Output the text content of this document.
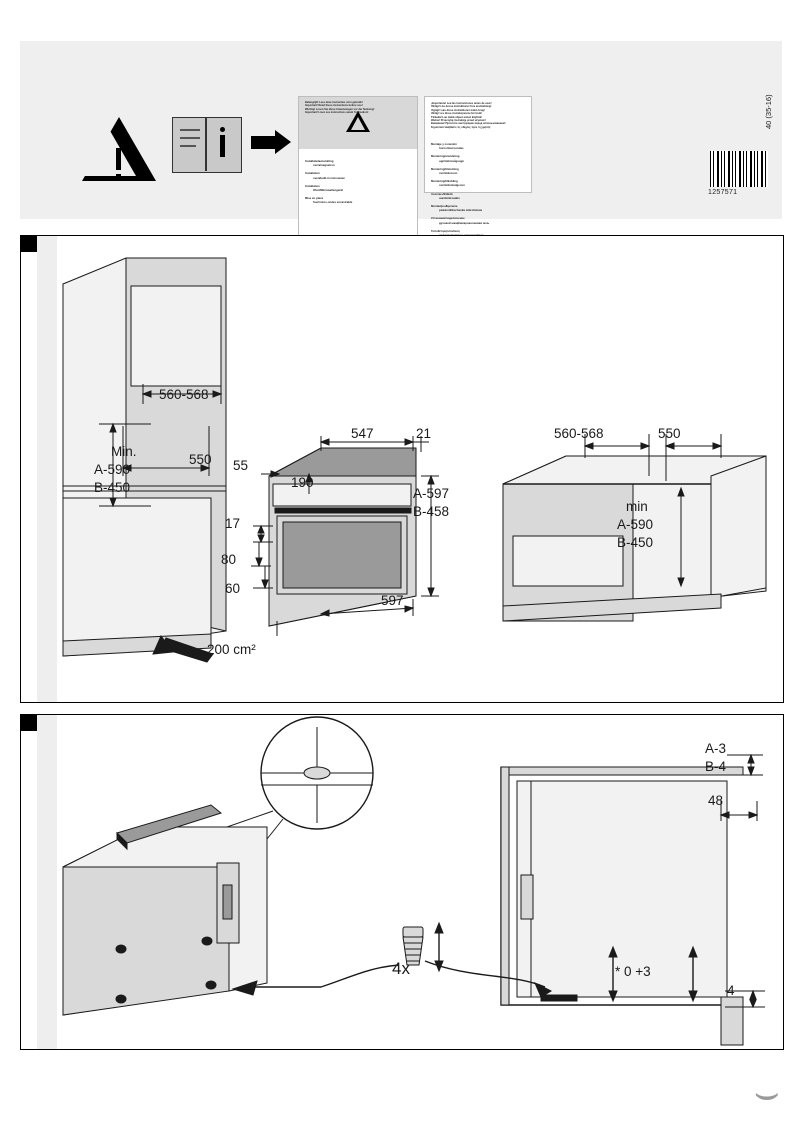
Belangrijk! Lees deze instructies vóór gebruik!
Important! Read these instructions before use!
Wichtig! Lesen Sie diese Anweisungen vor der Nutzung!
Important! Lisez ces instructions avant l'utilisation!
Installatie/aansluiting
oven/magnetron
Installation
oven/built-in microwave
Installation
Ofen/Mikrowellengerät
Mise en place
four/micro-ondes encastrable
¡Importante! Lea las instrucciones antes de usar!
Viktigt! Läs dessa instruktioner före användning!
Vigtigt! Læs disse instruktioner inden brug!
Viktig! Les disse instruksjonene før bruk!
Tärkeää! Lue nämä ohjeet ennen käyttöä!
Ważne! Przeczytaj instrukcję przed użyciem!
Внимание! Прочтите инструкцию перед использованием!
Σημαντικό! Διαβάστε τις οδηγίες πριν τη χρήση!
Montaje y conexión
horno/microondas
Montering/anslutning
ugn/mikrovågsugn
Montering/tilslutning
ovn/mikroovn
Montering/tilkobling
ovn/mikrobølgeovn
Asennus/liitäntä
uuni/mikroaalto
Montaż/podłączenie
piekarnik/kuchenka mikrofalowa
Установка/подключение
духовой шкаф/микроволновая печь
Τοποθέτηση/σύνδεση
40 (35-16)
1257571
560-568
550
Min.
A-590
B-450
200 cm²
547	21
55
190
A-597
B-458
17
80
60
597
560-568	550
min
A-590
B-450
4x
A-3
B-4
48
* 0 +3
4
⌣
